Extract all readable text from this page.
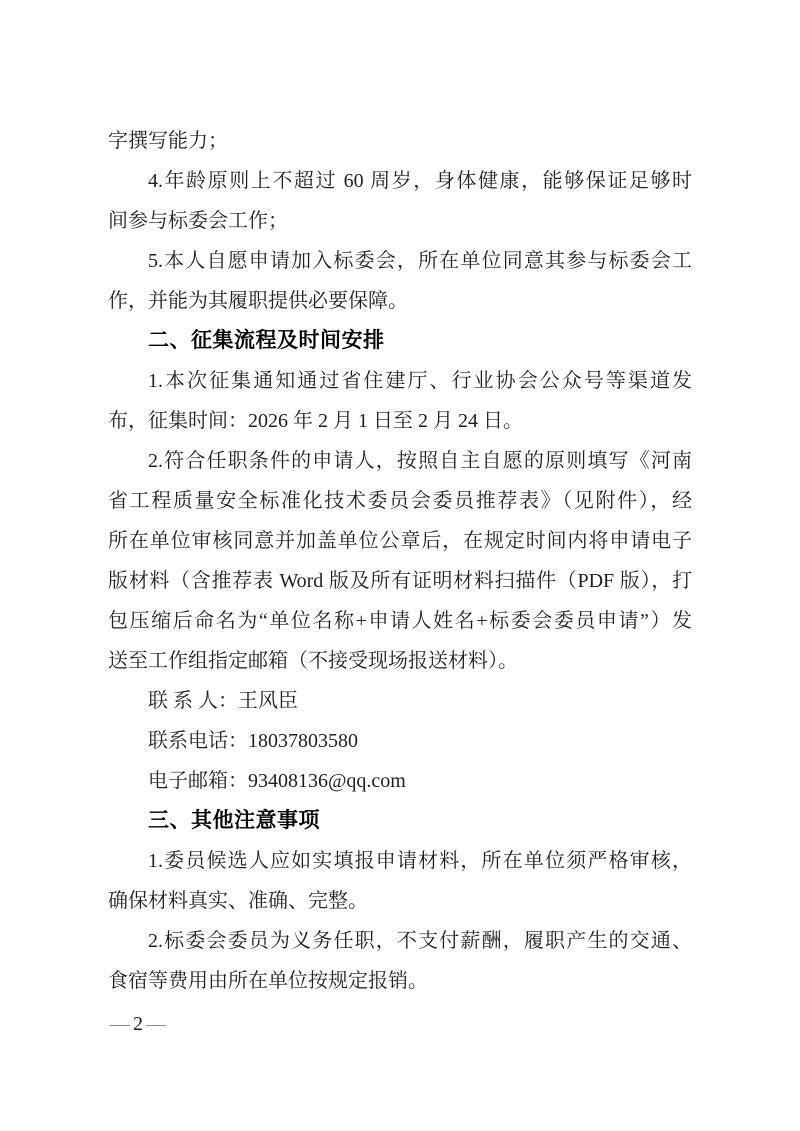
字撰写能力；
4.年龄原则上不超过 60 周岁，身体健康，能够保证足够时
间参与标委会工作；
5.本人自愿申请加入标委会，所在单位同意其参与标委会工
作，并能为其履职提供必要保障。
二、征集流程及时间安排
1.本次征集通知通过省住建厅、行业协会公众号等渠道发
布，征集时间：2026 年 2 月 1 日至 2 月 24 日。
2.符合任职条件的申请人，按照自主自愿的原则填写《河南
省工程质量安全标准化技术委员会委员推荐表》（见附件），经
所在单位审核同意并加盖单位公章后，在规定时间内将申请电子
版材料（含推荐表 Word 版及所有证明材料扫描件（PDF 版），打
包压缩后命名为“单位名称+申请人姓名+标委会委员申请”）发
送至工作组指定邮箱（不接受现场报送材料）。
联 系 人：王风臣
联系电话：18037803580
电子邮箱：93408136@qq.com
三、其他注意事项
1.委员候选人应如实填报申请材料，所在单位须严格审核，
确保材料真实、准确、完整。
2.标委会委员为义务任职，不支付薪酬，履职产生的交通、
食宿等费用由所在单位按规定报销。
— 2 —
